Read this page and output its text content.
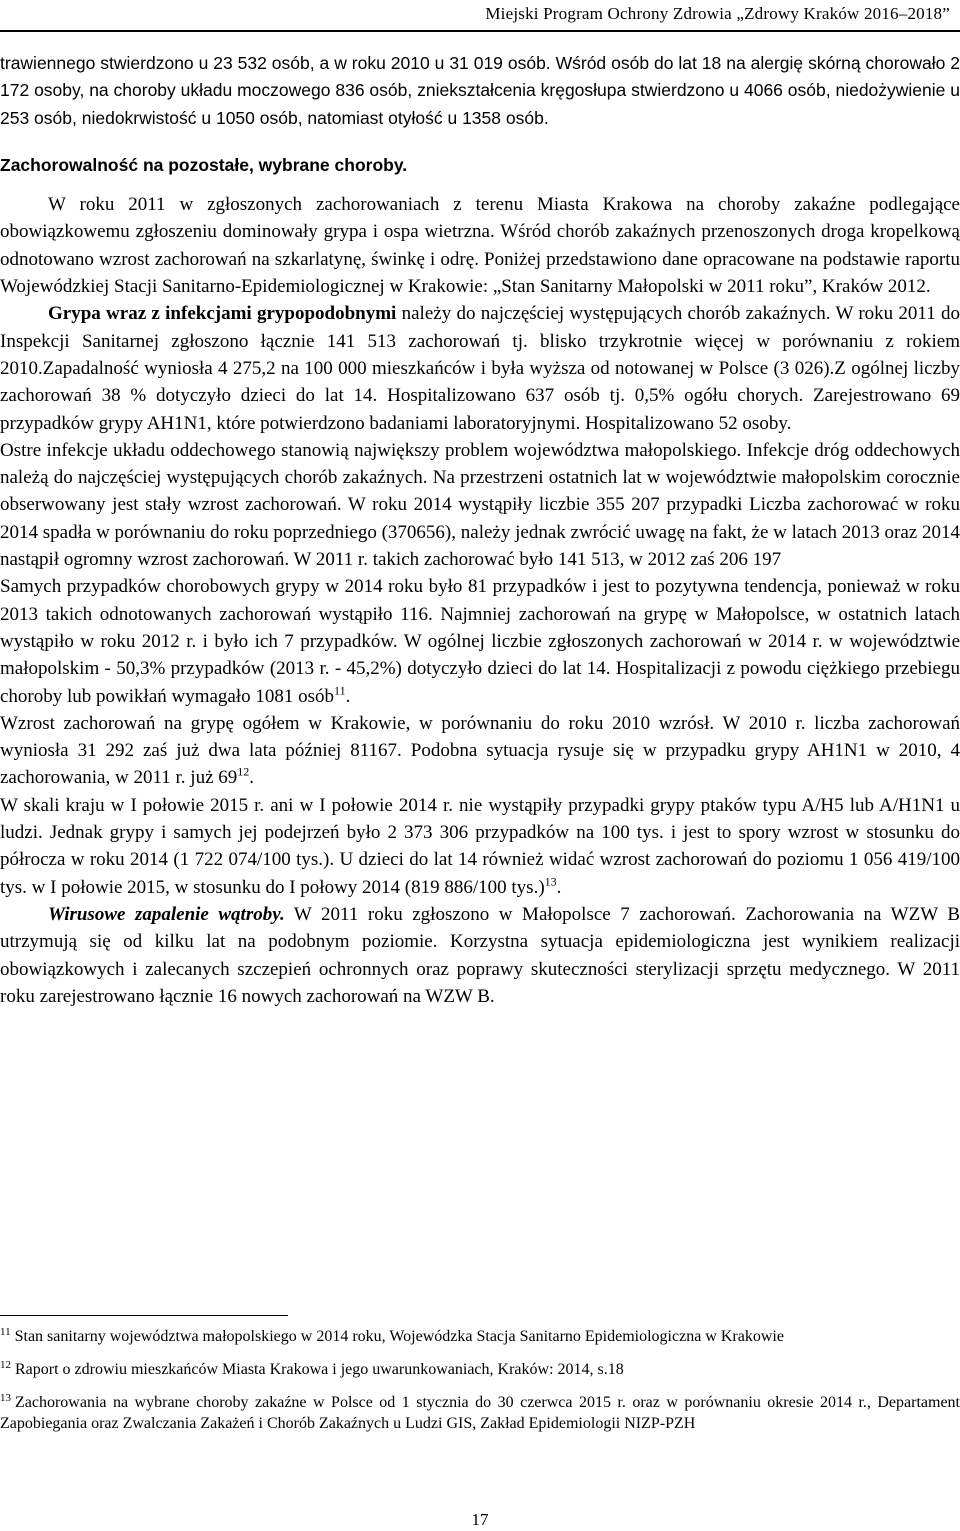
Miejski Program Ochrony Zdrowia „Zdrowy Kraków 2016–2018”

trawiennego stwierdzono u 23 532 osób, a w roku 2010 u 31 019 osób. Wśród osób do lat 18 na alergię skórną chorowało 2 172 osoby, na choroby układu moczowego 836 osób, zniekształcenia kręgosłupa stwierdzono u 4066 osób, niedożywienie u 253 osób, niedokrwistość u 1050 osób, natomiast otyłość u 1358 osób.

Zachorowalność na pozostałe, wybrane choroby.

W roku 2011 w zgłoszonych zachorowaniach z terenu Miasta Krakowa na choroby zakaźne podlegające obowiązkowemu zgłoszeniu dominowały grypa i ospa wietrzna. Wśród chorób zakaźnych przenoszonych droga kropelkową odnotowano wzrost zachorowań na szkarlatynę, świnkę i odrę. Poniżej przedstawiono dane opracowane na podstawie raportu Wojewódzkiej Stacji Sanitarno-Epidemiologicznej w Krakowie: „Stan Sanitarny Małopolski w 2011 roku”, Kraków 2012.

Grypa wraz z infekcjami grypopodobnymi należy do najczęściej występujących chorób zakaźnych. W roku 2011 do Inspekcji Sanitarnej zgłoszono łącznie 141 513 zachorowań tj. blisko trzykrotnie więcej w porównaniu z rokiem 2010.Zapadalność wyniosła 4 275,2 na 100 000 mieszkańców i była wyższa od notowanej w Polsce (3 026).Z ogólnej liczby zachorowań 38 % dotyczyło dzieci do lat 14. Hospitalizowano 637 osób tj. 0,5% ogółu chorych. Zarejestrowano 69 przypadków grypy AH1N1, które potwierdzono badaniami laboratoryjnymi. Hospitalizowano 52 osoby.

Ostre infekcje układu oddechowego stanowią największy problem województwa małopolskiego. Infekcje dróg oddechowych należą do najczęściej występujących chorób zakaźnych. Na przestrzeni ostatnich lat w województwie małopolskim corocznie obserwowany jest stały wzrost zachorowań. W roku 2014 wystąpiły liczbie 355 207 przypadki Liczba zachorować w roku 2014 spadła w porównaniu do roku poprzedniego (370656), należy jednak zwrócić uwagę na fakt, że w latach 2013 oraz 2014 nastąpił ogromny wzrost zachorowań. W 2011 r. takich zachorować było 141 513, w 2012 zaś 206 197

Samych przypadków chorobowych grypy w 2014 roku było 81 przypadków i jest to pozytywna tendencja, ponieważ w roku 2013 takich odnotowanych zachorowań wystąpiło 116. Najmniej zachorowań na grypę w Małopolsce, w ostatnich latach wystąpiło w roku 2012 r. i było ich 7 przypadków. W ogólnej liczbie zgłoszonych zachorowań w 2014 r. w województwie małopolskim - 50,3% przypadków (2013 r. - 45,2%) dotyczyło dzieci do lat 14. Hospitalizacji z powodu ciężkiego przebiegu choroby lub powikłań wymagało 1081 osób$^{11}$.

Wzrost zachorowań na grypę ogółem w Krakowie, w porównaniu do roku 2010 wzrósł. W 2010 r. liczba zachorowań wyniosła 31 292 zaś już dwa lata później 81167. Podobna sytuacja rysuje się w przypadku grypy AH1N1 w 2010, 4 zachorowania, w 2011 r. już $69^{12}$.

W skali kraju w I połowie 2015 r. ani w I połowie 2014 r. nie wystąpiły przypadki grypy ptaków typu A/H5 lub A/H1N1 u ludzi. Jednak grypy i samych jej podejrzeń było 2 373 306 przypadków na 100 tys. i jest to spory wzrost w stosunku do półrocza w roku 2014 (1 722 074/100 tys.). U dzieci do lat 14 również widać wzrost zachorowań do poziomu 1 056 419/100 tys. w I połowie 2015, w stosunku do I połowy 2014 (819 886/100 tys.)$^{13}$.

Wirusowe zapalenie wątroby. W 2011 roku zgłoszono w Małopolsce 7 zachorowań. Zachorowania na WZW B utrzymują się od kilku lat na podobnym poziomie. Korzystna sytuacja epidemiologiczna jest wynikiem realizacji obowiązkowych i zalecanych szczepień ochronnych oraz poprawy skuteczności sterylizacji sprzętu medycznego. W 2011 roku zarejestrowano łącznie 16 nowych zachorowań na WZW B.

$^{11}$ Stan sanitarny województwa małopolskiego w 2014 roku, Wojewódzka Stacja Sanitarno Epidemiologiczna w Krakowie

$^{12}$ Raport o zdrowiu mieszkańców Miasta Krakowa i jego uwarunkowaniach, Kraków: 2014, s.18

$^{13}$ Zachorowania na wybrane choroby zakaźne w Polsce od 1 stycznia do 30 czerwca 2015 r. oraz w porównaniu okresie 2014 r., Departament Zapobiegania oraz Zwalczania Zakażeń i Chorób Zakaźnych u Ludzi GIS, Zakład Epidemiologii NIZP-PZH

17
